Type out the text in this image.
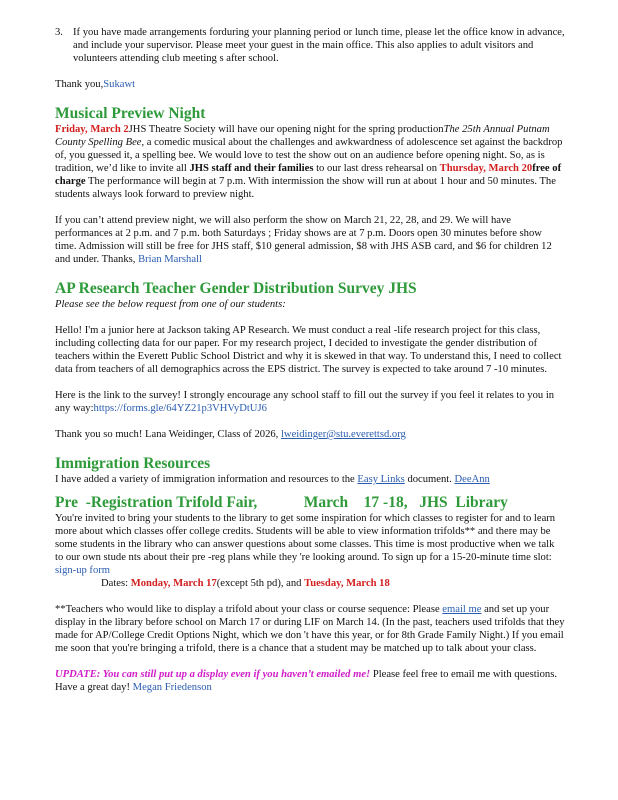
3. If you have made arrangements forduring your planning period or lunch time, please let the office know in advance, and include your supervisor. Please meet your guest in the main office. This also applies to adult visitors and volunteers attending club meeting s after school.

Thank you,Sukawt

Musical Preview Night

Friday, March 2JHS Theatre Society will have our opening night for the spring productionThe 25th Annual Putnam County Spelling Bee, a comedic musical about the challenges and awkwardness of adolescence set against the backdrop of, you guessed it, a spelling bee. We would love to test the show out on an audience before opening night. So, as is tradition, we’d like to invite all JHS staff and their families to our last dress rehearsal on Thursday, March 20free of charge The performance will begin at 7 p.m. With intermission the show will run at about 1 hour and 50 minutes. The students always look forward to preview night.

If you can’t attend preview night, we will also perform the show on March 21, 22, 28, and 29. We will have performances at 2 p.m. and 7 p.m. both Saturdays ; Friday shows are at 7 p.m. Doors open 30 minutes before show time. Admission will still be free for JHS staff, $10 general admission, $8 with JHS ASB card, and $6 for children 12 and under. Thanks, Brian Marshall

AP Research Teacher Gender Distribution Survey JHS

Please see the below request from one of our students:

Hello! I'm a junior here at Jackson taking AP Research. We must conduct a real -life research project for this class, including collecting data for our paper. For my research project, I decided to investigate the gender distribution of teachers within the Everett Public School District and why it is skewed in that way. To understand this, I need to collect data from teachers of all demographics across the EPS district. The survey is expected to take around 7 -10 minutes.

Here is the link to the survey! I strongly encourage any school staff to fill out the survey if you feel it relates to you in any way:https://forms.gle/64YZ21p3VHVyDtUJ6

Thank you so much! Lana Weidinger, Class of 2026, lweidinger@stu.everettsd.org

Immigration Resources

I have added a variety of immigration information and resources to the Easy Links document. DeeAnn

Pre  -Registration Trifold Fair,            March    17 -18,   JHS  Library

You're invited to bring your students to the library to get some inspiration for which classes to register for and to learn more about which classes offer college credits. Students will be able to view information trifolds** and there may be some students in the library who can answer questions about some classes. This time is most productive when we talk to our own stude nts about their pre -reg plans while they 're looking around. To sign up for a 15-20-minute time slot: sign-up form

Dates: Monday, March 17(except 5th pd), and Tuesday, March 18

**Teachers who would like to display a trifold about your class or course sequence: Please email me and set up your display in the library before school on March 17 or during LIF on March 14. (In the past, teachers used trifolds that they made for AP/College Credit Options Night, which we don 't have this year, or for 8th Grade Family Night.) If you email me soon that you're bringing a trifold, there is a chance that a student may be matched up to talk about your class.

UPDATE: You can still put up a display even if you haven’t emailed me! Please feel free to email me with questions. Have a great day! Megan Friedenson
